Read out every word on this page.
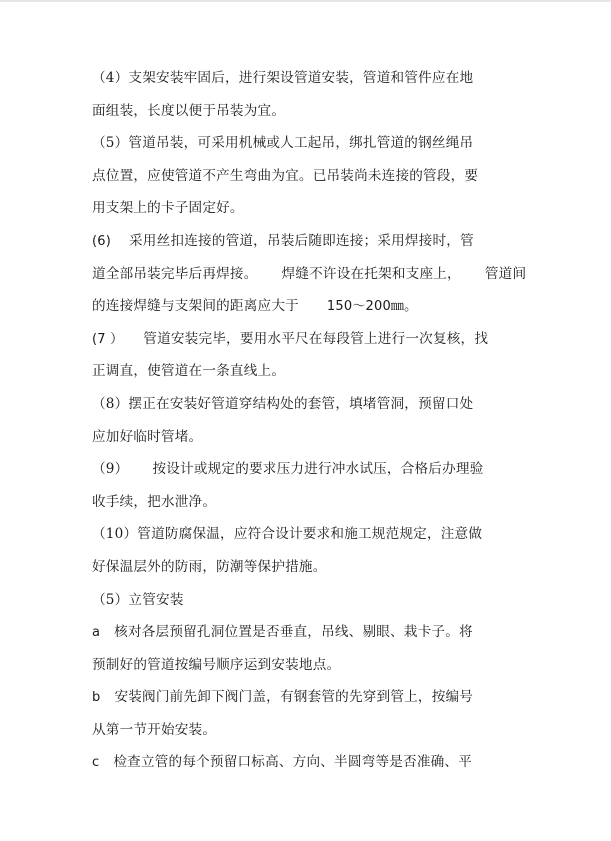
（4）支架安装牢固后，进行架设管道安装，管道和管件应在地
面组装，长度以便于吊装为宜。
（5）管道吊装，可采用机械或人工起吊，绑扎管道的钢丝绳吊
点位置，应使管道不产生弯曲为宜。已吊装尚未连接的管段，要
用支架上的卡子固定好。
(6) 采用丝扣连接的管道，吊装后随即连接；采用焊接时，管
道全部吊装完毕后再焊接。 焊缝不许设在托架和支座上， 管道间
的连接焊缝与支架间的距离应大于 150～200㎜。
(7 ） 管道安装完毕，要用水平尺在每段管上进行一次复核，找
正调直，使管道在一条直线上。
（8）摆正在安装好管道穿结构处的套管，填堵管洞，预留口处
应加好临时管堵。
（9） 按设计或规定的要求压力进行冲水试压，合格后办理验
收手续，把水泄净。
（10）管道防腐保温，应符合设计要求和施工规范规定，注意做
好保温层外的防雨，防潮等保护措施。
（5）立管安装
a 核对各层预留孔洞位置是否垂直，吊线、剔眼、栽卡子。将
预制好的管道按编号顺序运到安装地点。
b 安装阀门前先卸下阀门盖，有钢套管的先穿到管上，按编号
从第一节开始安装。
c 检查立管的每个预留口标高、方向、半圆弯等是否准确、平
